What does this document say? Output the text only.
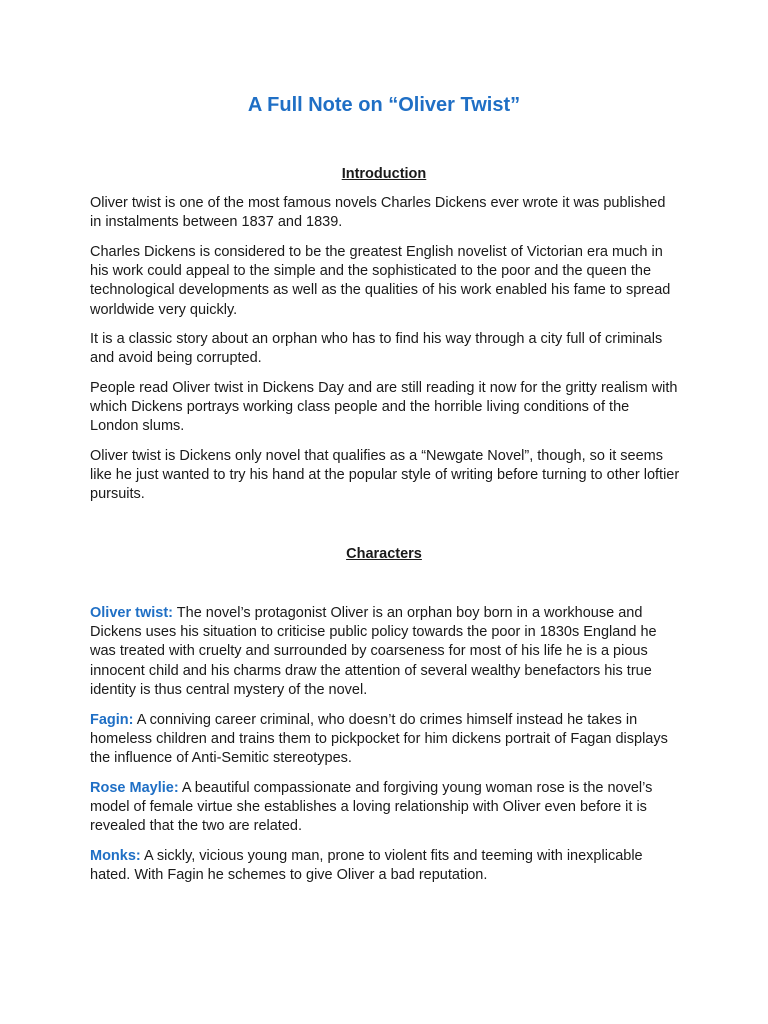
A Full Note on “Oliver Twist”
Introduction

Oliver twist is one of the most famous novels Charles Dickens ever wrote it was published in instalments between 1837 and 1839.

Charles Dickens is considered to be the greatest English novelist of Victorian era much in his work could appeal to the simple and the sophisticated to the poor and the queen the technological developments as well as the qualities of his work enabled his fame to spread worldwide very quickly.

It is a classic story about an orphan who has to find his way through a city full of criminals and avoid being corrupted.

People read Oliver twist in Dickens Day and are still reading it now for the gritty realism with which Dickens portrays working class people and the horrible living conditions of the London slums.

Oliver twist is Dickens only novel that qualifies as a “Newgate Novel”, though, so it seems like he just wanted to try his hand at the popular style of writing before turning to other loftier pursuits.

Characters

Oliver twist: The novel’s protagonist Oliver is an orphan boy born in a workhouse and Dickens uses his situation to criticise public policy towards the poor in 1830s England he was treated with cruelty and surrounded by coarseness for most of his life he is a pious innocent child and his charms draw the attention of several wealthy benefactors his true identity is thus central mystery of the novel.

Fagin: A conniving career criminal, who doesn’t do crimes himself instead he takes in homeless children and trains them to pickpocket for him dickens portrait of Fagan displays the influence of Anti-Semitic stereotypes.

Rose Maylie: A beautiful compassionate and forgiving young woman rose is the novel’s model of female virtue she establishes a loving relationship with Oliver even before it is revealed that the two are related.

Monks: A sickly, vicious young man, prone to violent fits and teeming with inexplicable hated. With Fagin he schemes to give Oliver a bad reputation.
